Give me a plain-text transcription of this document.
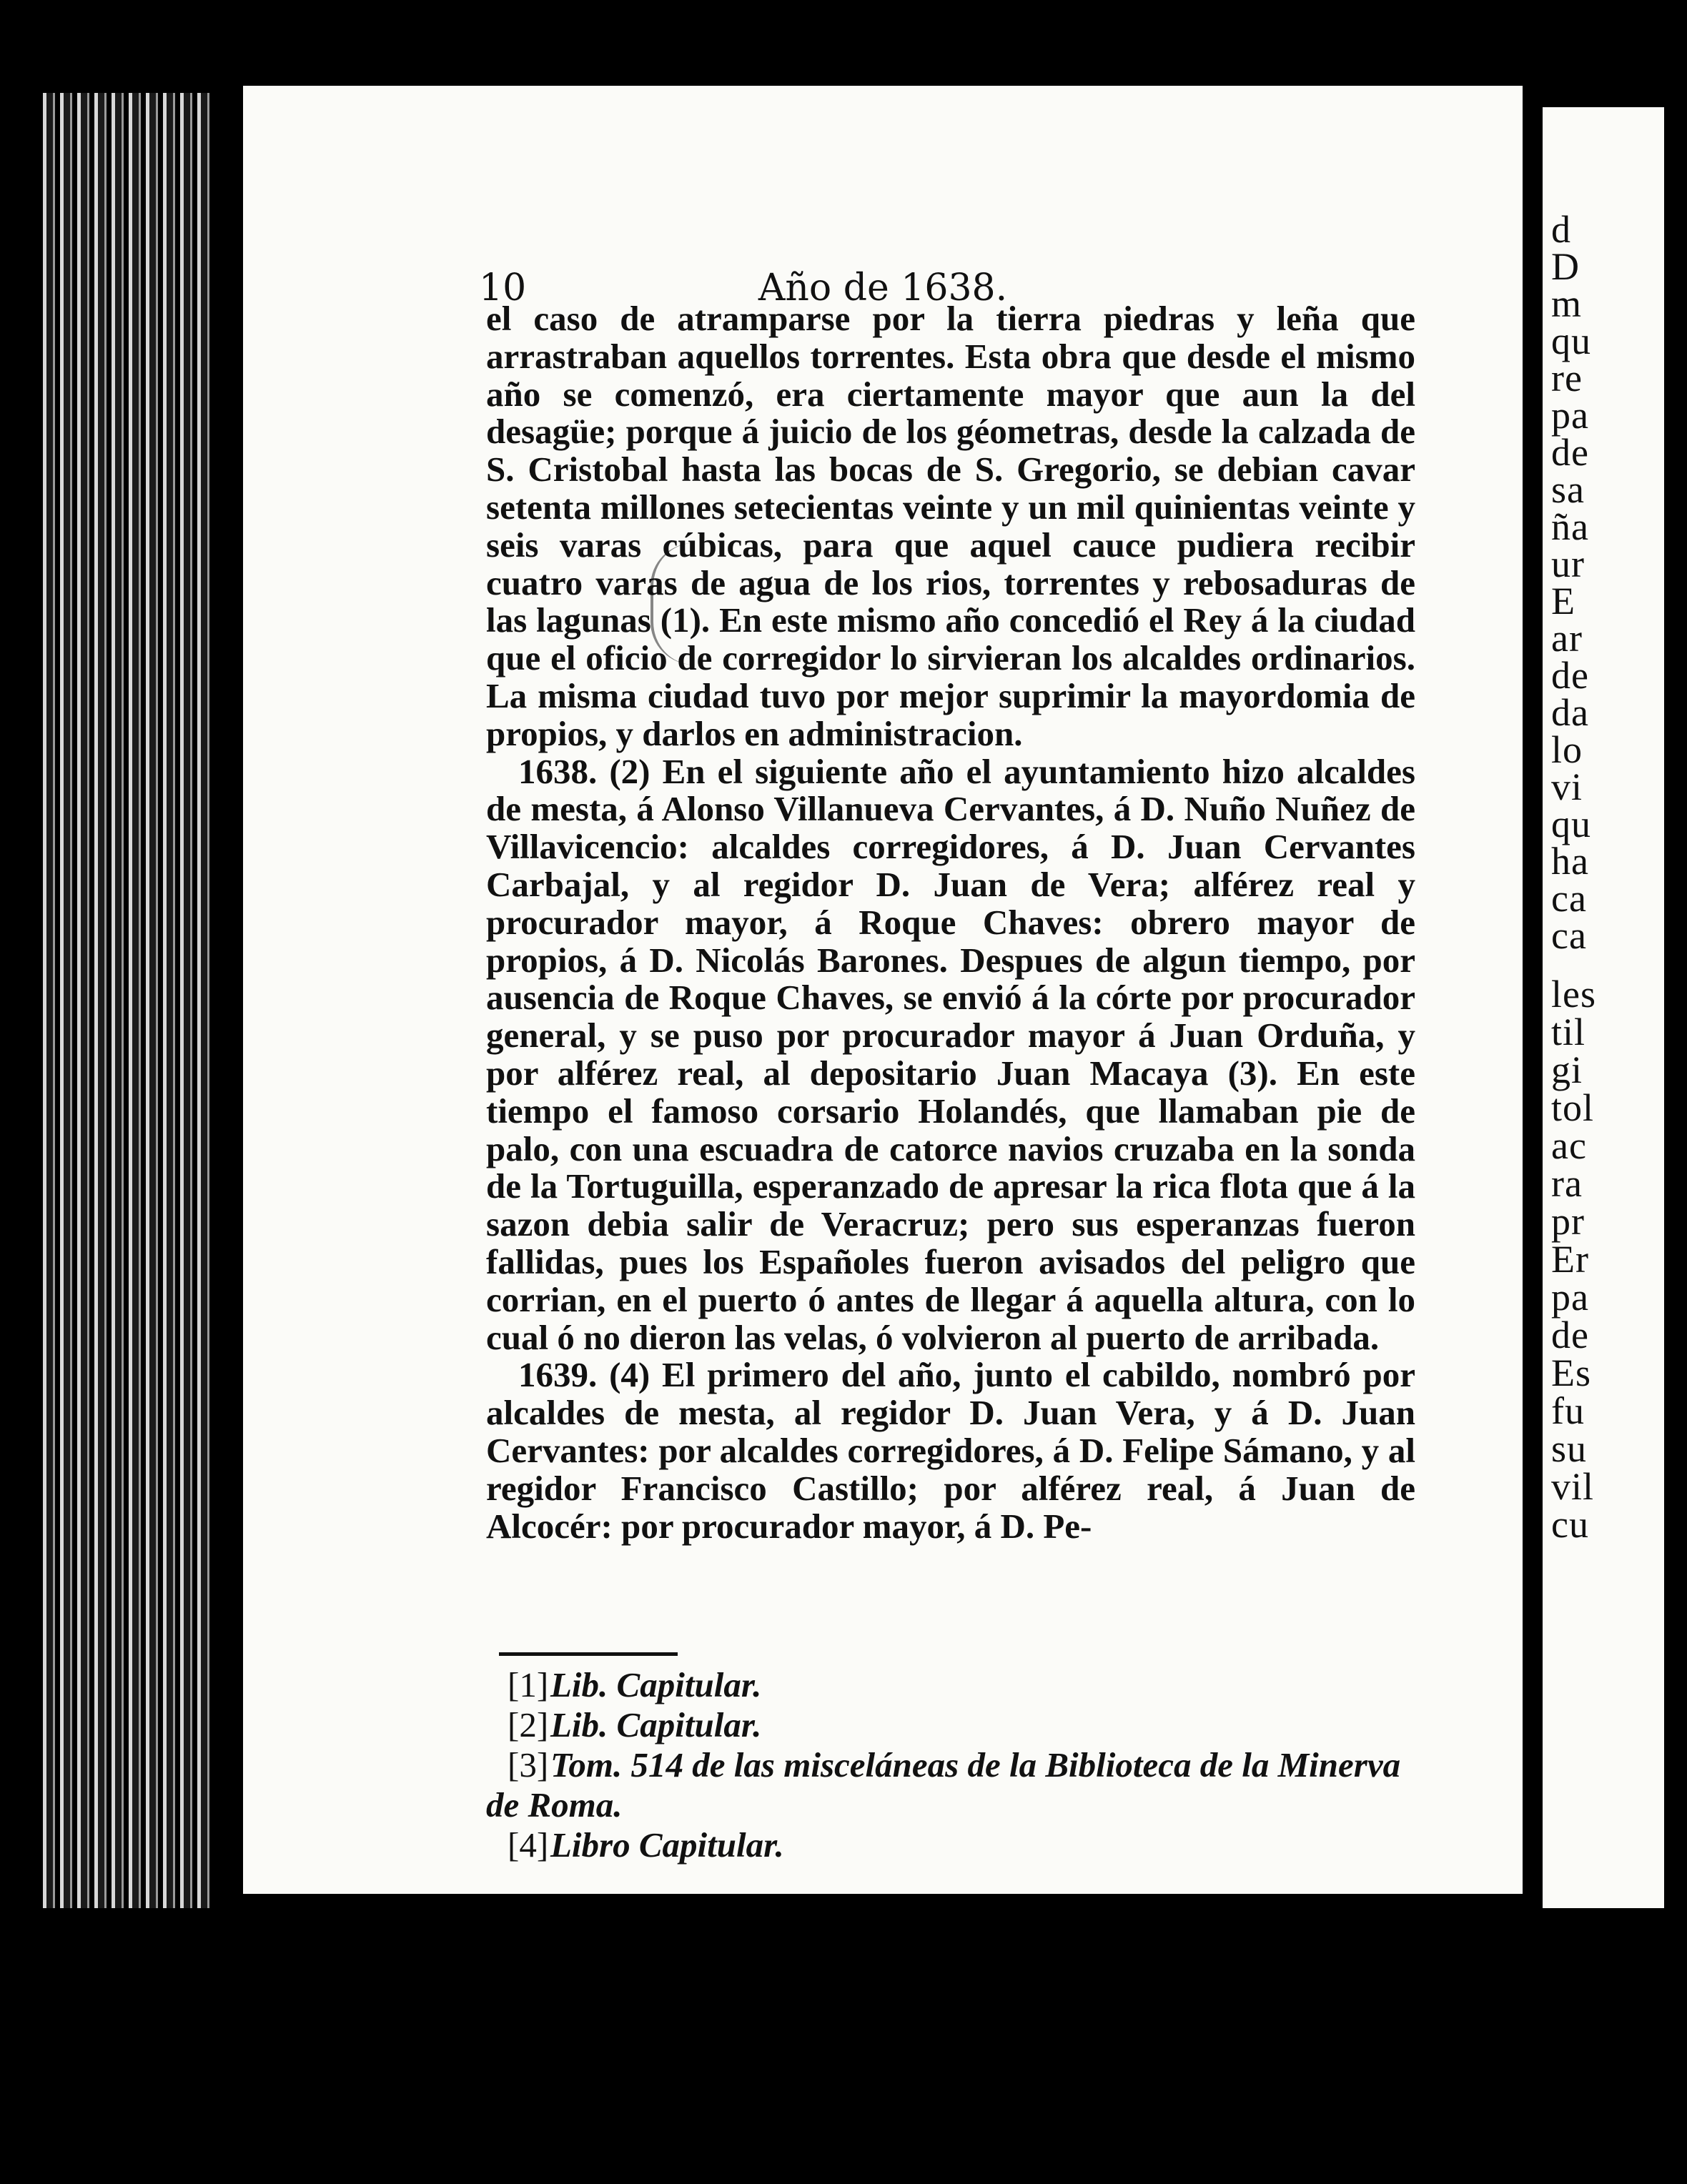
10	Año de 1638.

el caso de atramparse por la tierra piedras y leña que arrastraban aquellos torrentes. Esta obra que desde el mismo año se comenzó, era ciertamente mayor que aun la del desagüe; porque á juicio de los géometras, desde la calzada de S. Cristobal hasta las bocas de S. Gregorio, se debian cavar setenta millones setecientas veinte y un mil quinientas veinte y seis varas cúbicas, para que aquel cauce pudiera recibir cuatro varas de agua de los rios, torrentes y rebosaduras de las lagunas (1). En este mismo año concedió el Rey á la ciudad que el oficio de corregidor lo sirvieran los alcaldes ordinarios. La misma ciudad tuvo por mejor suprimir la mayordomia de propios, y darlos en administracion.

1638. (2) En el siguiente año el ayuntamiento hizo alcaldes de mesta, á Alonso Villanueva Cervantes, á D. Nuño Nuñez de Villavicencio: alcaldes corregidores, á D. Juan Cervantes Carbajal, y al regidor D. Juan de Vera; alférez real y procurador mayor, á Roque Chaves: obrero mayor de propios, á D. Nicolás Barones. Despues de algun tiempo, por ausencia de Roque Chaves, se envió á la córte por procurador general, y se puso por procurador mayor á Juan Orduña, y por alférez real, al depositario Juan Macaya (3). En este tiempo el famoso corsario Holandés, que llamaban pie de palo, con una escuadra de catorce navios cruzaba en la sonda de la Tortuguilla, esperanzado de apresar la rica flota que á la sazon debia salir de Veracruz; pero sus esperanzas fueron fallidas, pues los Españoles fueron avisados del peligro que corrian, en el puerto ó antes de llegar á aquella altura, con lo cual ó no dieron las velas, ó volvieron al puerto de arribada.

1639. (4) El primero del año, junto el cabildo, nombró por alcaldes de mesta, al regidor D. Juan Vera, y á D. Juan Cervantes: por alcaldes corregidores, á D. Felipe Sámano, y al regidor Francisco Castillo; por alférez real, á Juan de Alcocér: por procurador mayor, á D. Pe-

[1]Lib. Capitular.

[2]Lib. Capitular.

[3]Tom. 514 de las misceláneas de la Biblioteca de la Minerva de Roma.

[4]Libro Capitular.

d
D
m
qu
re
pa
de
sa
ña
ur
E
ar
de
da
lo
vi
qu
ha
ca
ca
les
til
gi
tol
ac
ra
pr
Er
pa
de
Es
fu
su
vil
cu
